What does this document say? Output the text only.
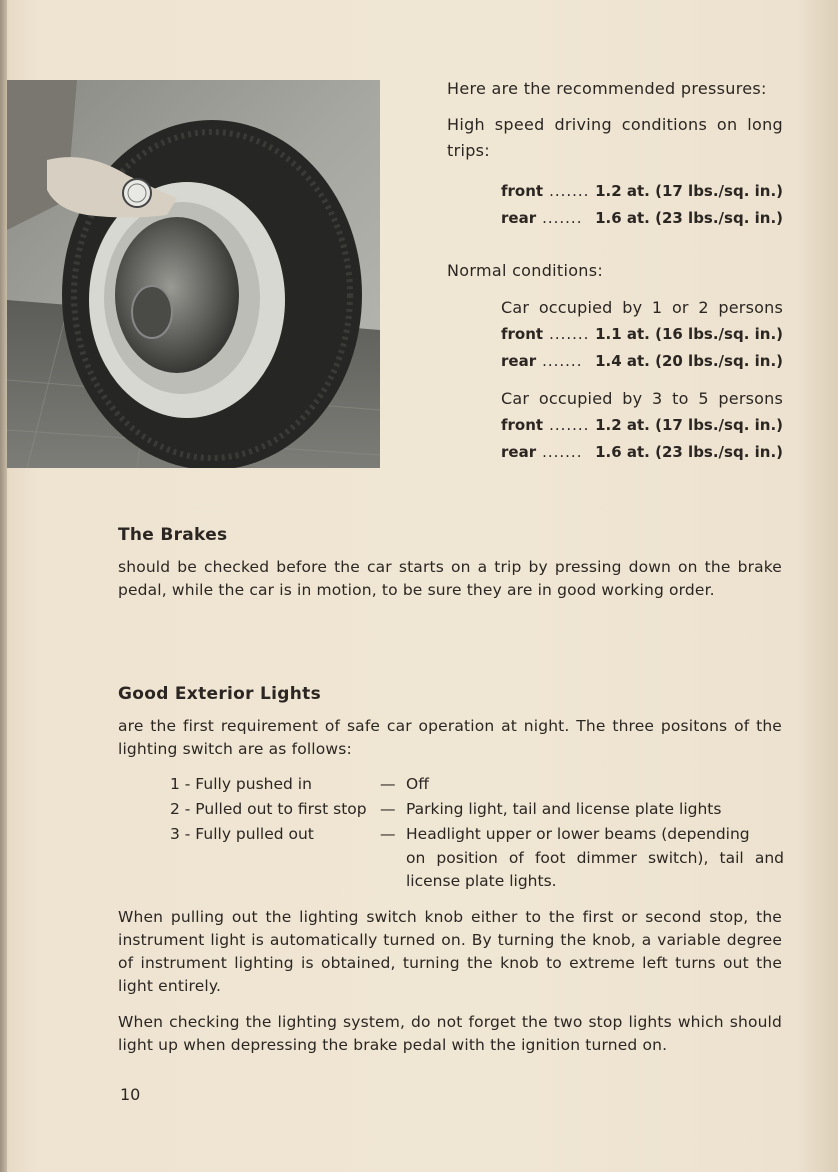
Here are the recommended pressures:
High speed driving conditions on long
trips:
front ....... 1.2 at. (17 lbs./sq. in.)
rear ....... 1.6 at. (23 lbs./sq. in.)
Normal conditions:
Car occupied by 1 or 2 persons
front ....... 1.1 at. (16 lbs./sq. in.)
rear ....... 1.4 at. (20 lbs./sq. in.)
Car occupied by 3 to 5 persons
front ....... 1.2 at. (17 lbs./sq. in.)
rear ....... 1.6 at. (23 lbs./sq. in.)
The Brakes
should be checked before the car starts on a trip by pressing down on the brake pedal, while the car is in motion, to be sure they are in good working order.
Good Exterior Lights
are the first requirement of safe car operation at night. The three positons of the lighting switch are as follows:
1 - Fully pushed in	— Off
2 - Pulled out to first stop — Parking light, tail and license plate lights
3 - Fully pulled out	— Headlight upper or lower beams (depending
on position of foot dimmer switch), tail and license plate lights.
When pulling out the lighting switch knob either to the first or second stop, the instrument light is automatically turned on. By turning the knob, a variable degree of instrument lighting is obtained, turning the knob to extreme left turns out the light entirely.
When checking the lighting system, do not forget the two stop lights which should light up when depressing the brake pedal with the ignition turned on.
10
